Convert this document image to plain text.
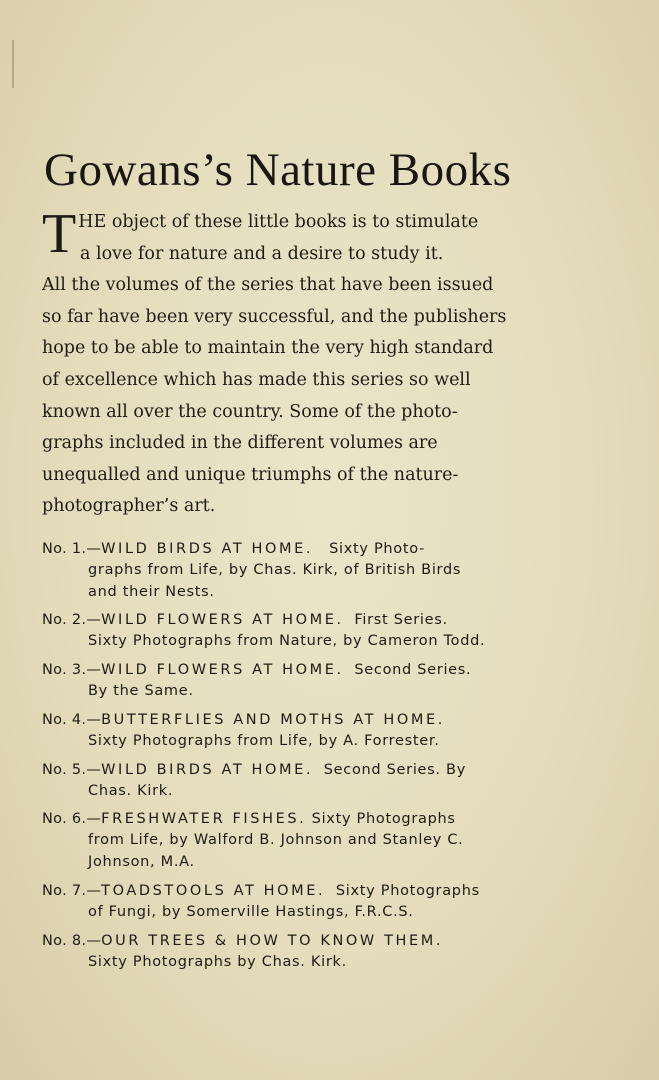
Gowans’s Nature Books
T HE object of these little books is to stimulate
a love for nature and a desire to study it.
All the volumes of the series that have been issued
so far have been very successful, and the publishers
hope to be able to maintain the very high standard
of excellence which has made this series so well
known all over the country. Some of the photo-
graphs included in the different volumes are
unequalled and unique triumphs of the nature-
photographer’s art.
No. 1.—WILD BIRDS AT HOME. Sixty Photo-
graphs from Life, by Chas. Kirk, of British Birds
and their Nests.
No. 2.—WILD FLOWERS AT HOME. First Series.
Sixty Photographs from Nature, by Cameron Todd.
No. 3.—WILD FLOWERS AT HOME. Second Series.
By the Same.
No. 4.—BUTTERFLIES AND MOTHS AT HOME.
Sixty Photographs from Life, by A. Forrester.
No. 5.—WILD BIRDS AT HOME. Second Series. By
Chas. Kirk.
No. 6.—FRESHWATER FISHES. Sixty Photographs
from Life, by Walford B. Johnson and Stanley C.
Johnson, M.A.
No. 7.—TOADSTOOLS AT HOME. Sixty Photographs
of Fungi, by Somerville Hastings, F.R.C.S.
No. 8.—OUR TREES & HOW TO KNOW THEM.
Sixty Photographs by Chas. Kirk.
